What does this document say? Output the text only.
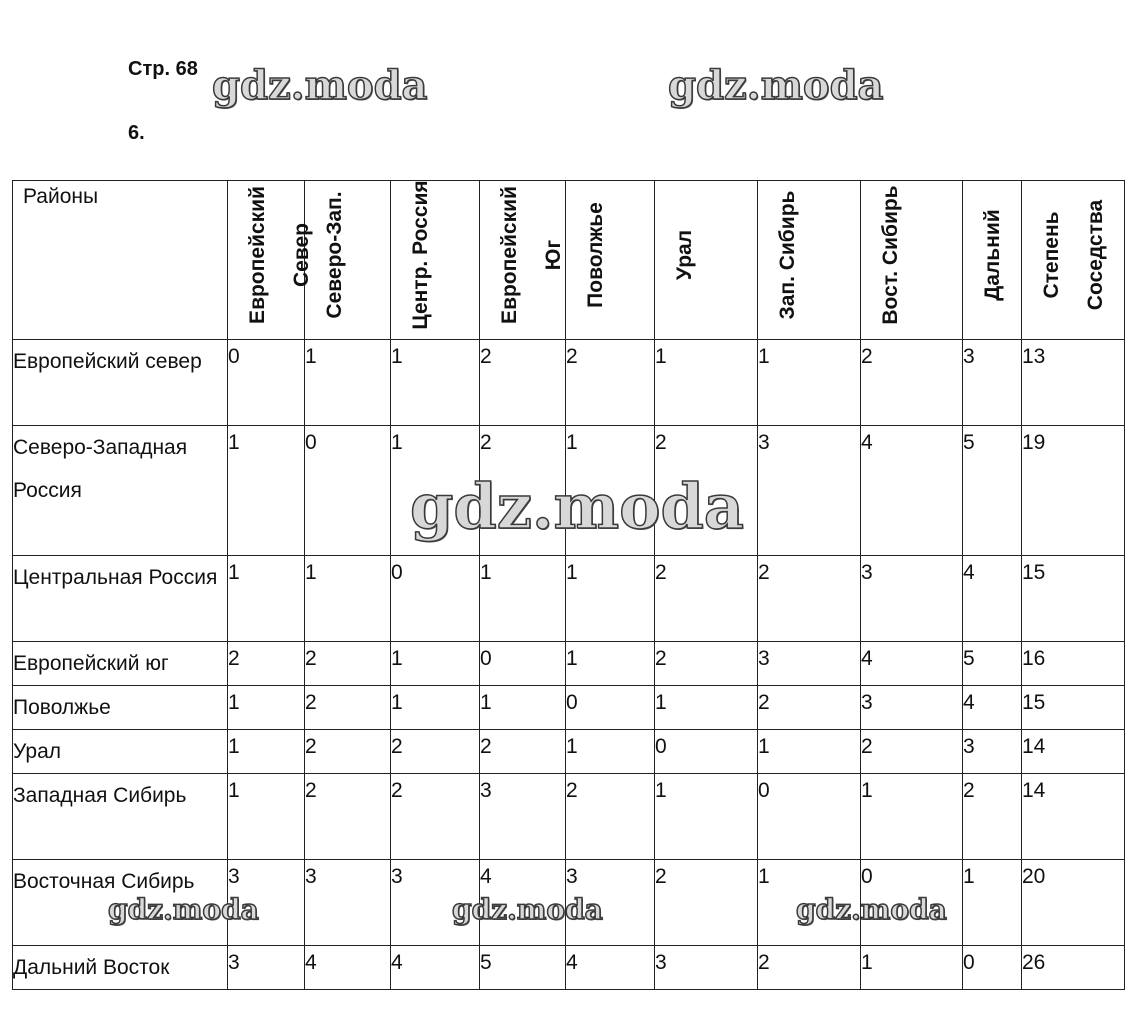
Стр. 68
6.
Районы	Европейский Север	Северо-Зап.	Центр. Россия	Европейский Юг	Поволжье	Урал	Зап. Сибирь	Вост. Сибирь	Дальний	Степень Соседства

Европейский север	0	1	1	2	2	1	1	2	3	13
Северо-Западная Россия	1	0	1	2	1	2	3	4	5	19
Центральная Россия	1	1	0	1	1	2	2	3	4	15
Европейский юг	2	2	1	0	1	2	3	4	5	16
Поволжье	1	2	1	1	0	1	2	3	4	15
Урал	1	2	2	2	1	0	1	2	3	14
Западная Сибирь	1	2	2	3	2	1	0	1	2	14
Восточная Сибирь	3	3	3	4	3	2	1	0	1	20
Дальний Восток	3	4	4	5	4	3	2	1	0	26
gdz.moda	gdz.moda
gdz.moda
gdz.moda	gdz.moda	gdz.moda
